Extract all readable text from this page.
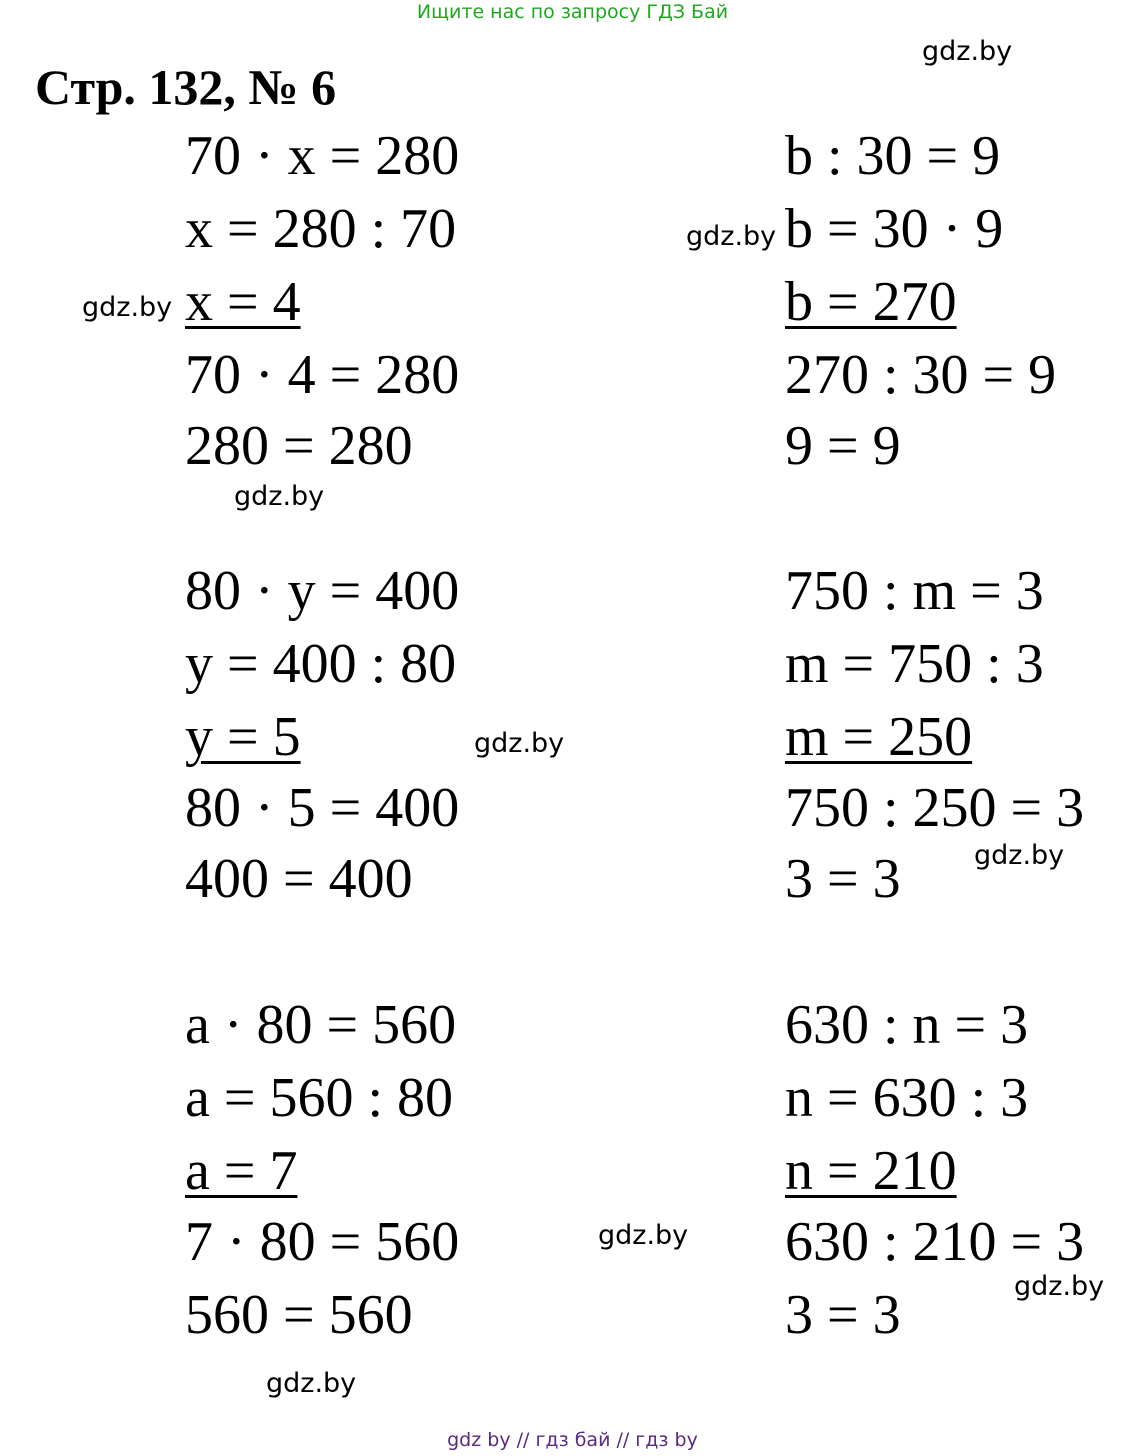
Ищите нас по запросу ГДЗ Бай
Стр. 132, № 6
70 · x = 280
x = 280 : 70
x = 4
70 · 4 = 280
280 = 280
b : 30 = 9
b = 30 · 9
b = 270
270 : 30 = 9
9 = 9
80 · y = 400
y = 400 : 80
y = 5
80 · 5 = 400
400 = 400
750 : m = 3
m = 750 : 3
m = 250
750 : 250 = 3
3 = 3
a · 80 = 560
a = 560 : 80
a = 7
7 · 80 = 560
560 = 560
630 : n = 3
n = 630 : 3
n = 210
630 : 210 = 3
3 = 3
gdz.by
gdz.by
gdz.by
gdz.by
gdz.by
gdz.by
gdz.by
gdz.by
gdz.by
gdz by // гдз бай // гдз by
